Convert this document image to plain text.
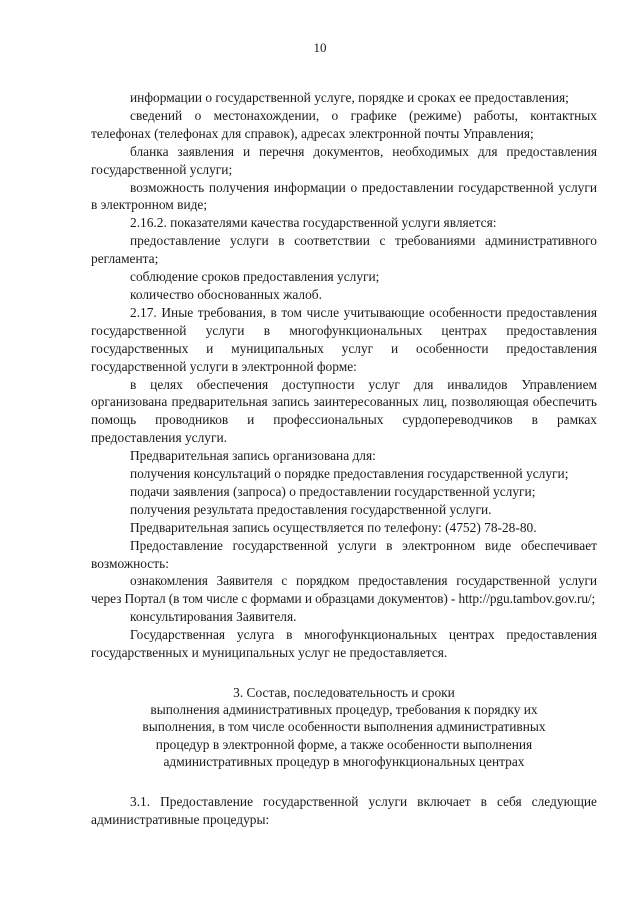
10

информации о государственной услуге, порядке и сроках ее предоставления;

сведений о местонахождении, о графике (режиме) работы, контактных телефонах (телефонах для справок), адресах электронной почты Управления;

бланка заявления и перечня документов, необходимых для предоставления государственной услуги;

возможность получения информации о предоставлении государственной услуги в электронном виде;

2.16.2. показателями качества государственной услуги является:

предоставление услуги в соответствии с требованиями административного регламента;

соблюдение сроков предоставления услуги;

количество обоснованных жалоб.

2.17. Иные требования, в том числе учитывающие особенности предоставления государственной услуги в многофункциональных центрах предоставления государственных и муниципальных услуг и особенности предоставления государственной услуги в электронной форме:

в целях обеспечения доступности услуг для инвалидов Управлением организована предварительная запись заинтересованных лиц, позволяющая обеспечить помощь проводников и профессиональных сурдопереводчиков в рамках предоставления услуги.

Предварительная запись организована для:

получения консультаций о порядке предоставления государственной услуги;

подачи заявления (запроса) о предоставлении государственной услуги;

получения результата предоставления государственной услуги.

Предварительная запись осуществляется по телефону: (4752) 78-28-80.

Предоставление государственной услуги в электронном виде обеспечивает возможность:

ознакомления Заявителя с порядком предоставления государственной услуги через Портал (в том числе с формами и образцами документов) - http://pgu.tambov.gov.ru/;

консультирования Заявителя.

Государственная услуга в многофункциональных центрах предоставления государственных и муниципальных услуг не предоставляется.

3. Состав, последовательность и сроки
выполнения административных процедур, требования к порядку их
выполнения, в том числе особенности выполнения административных
процедур в электронной форме, а также особенности выполнения
административных процедур в многофункциональных центрах

3.1. Предоставление государственной услуги включает в себя следующие административные процедуры:
